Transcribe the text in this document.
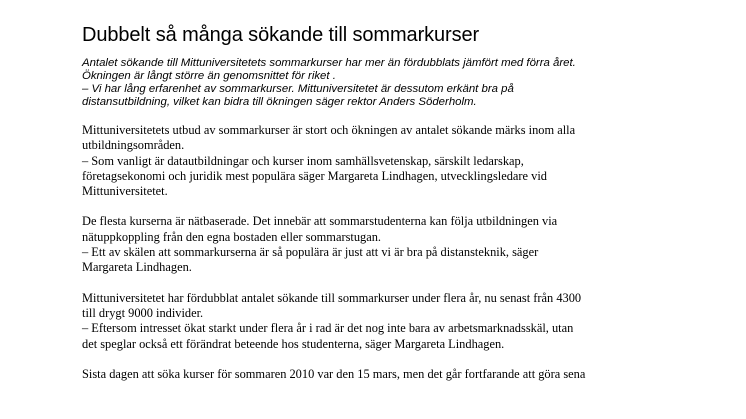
Dubbelt så många sökande till sommarkurser
Antalet sökande till Mittuniversitetets sommarkurser har mer än fördubblats jämfört med förra året.
Ökningen är långt större än genomsnittet för riket .
– Vi har lång erfarenhet av sommarkurser. Mittuniversitetet är dessutom erkänt bra på
distansutbildning, vilket kan bidra till ökningen säger rektor Anders Söderholm.
Mittuniversitetets utbud av sommarkurser är stort och ökningen av antalet sökande märks inom alla
utbildningsområden.
– Som vanligt är datautbildningar och kurser inom samhällsvetenskap, särskilt ledarskap,
företagsekonomi och juridik mest populära säger Margareta Lindhagen, utvecklingsledare vid
Mittuniversitetet.
De flesta kurserna är nätbaserade. Det innebär att sommarstudenterna kan följa utbildningen via
nätuppkoppling från den egna bostaden eller sommarstugan.
– Ett av skälen att sommarkurserna är så populära är just att vi är bra på distansteknik, säger
Margareta Lindhagen.
Mittuniversitetet har fördubblat antalet sökande till sommarkurser under flera år, nu senast från 4300
till drygt 9000 individer.
– Eftersom intresset ökat starkt under flera år i rad är det nog inte bara av arbetsmarknadsskäl, utan
det speglar också ett förändrat beteende hos studenterna, säger Margareta Lindhagen.
Sista dagen att söka kurser för sommaren 2010 var den 15 mars, men det går fortfarande att göra sena
